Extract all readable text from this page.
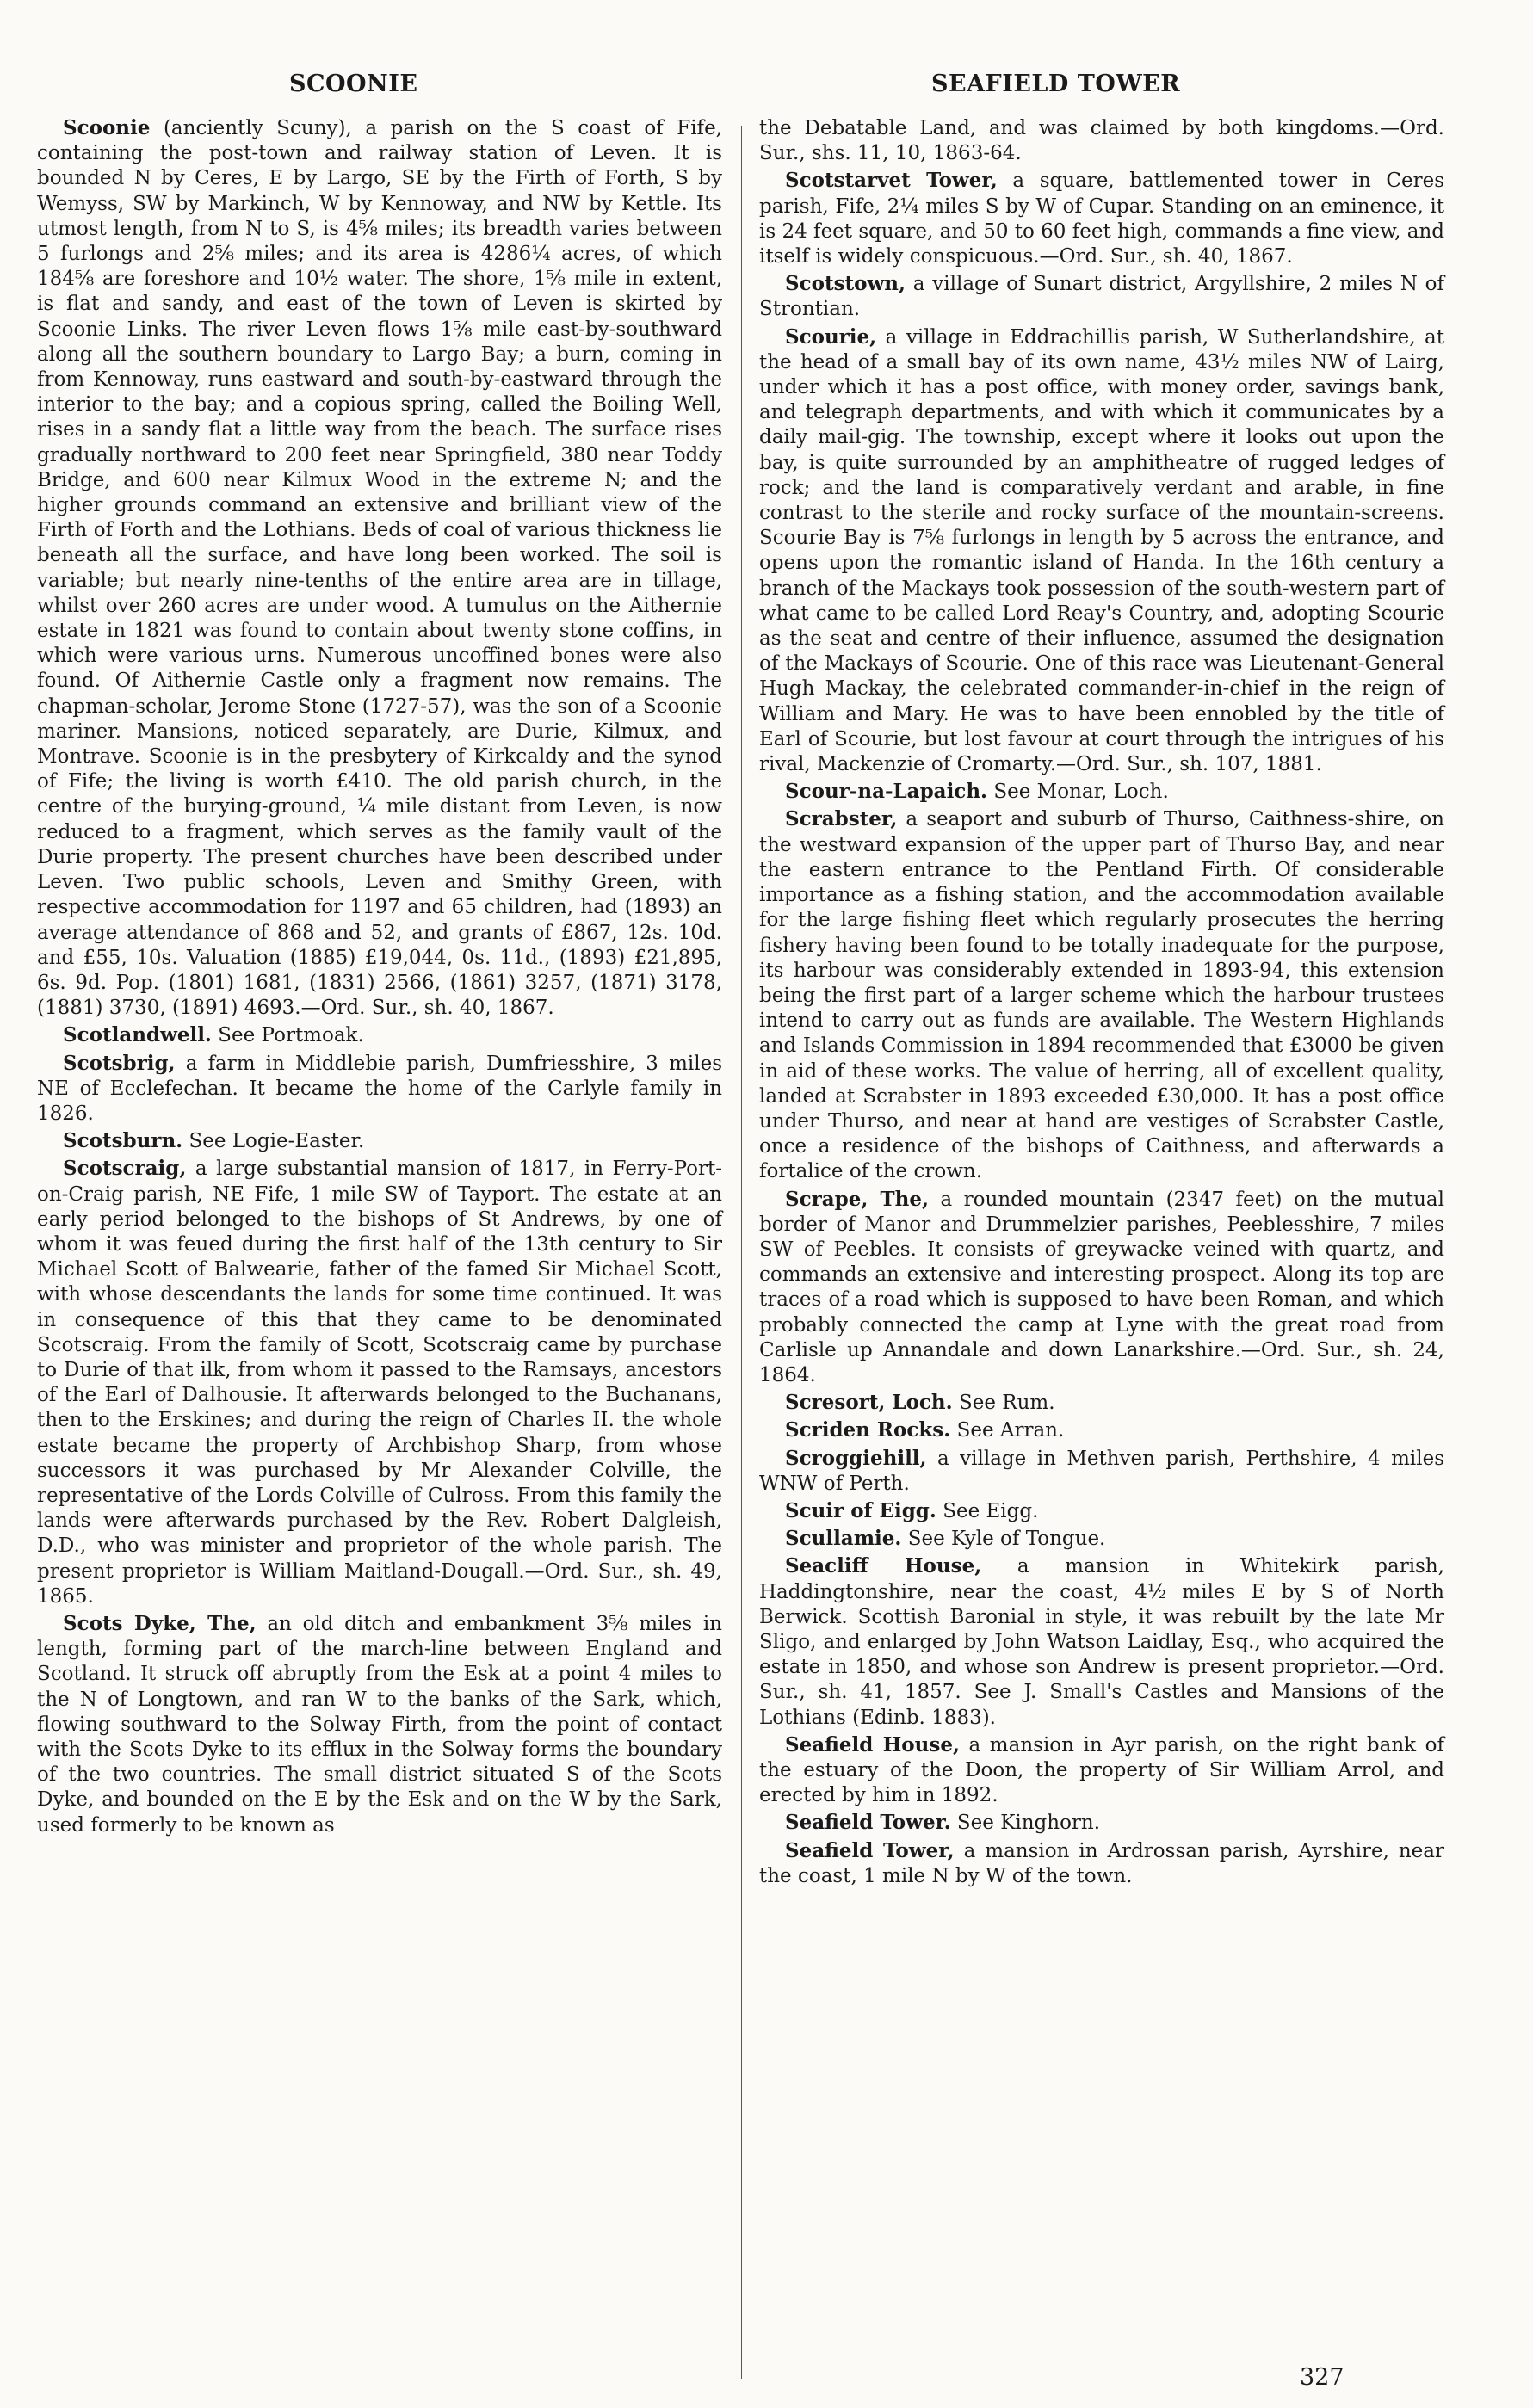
SCOONIE	SEAFIELD TOWER

Scoonie (anciently Scuny), a parish on the S coast of Fife, containing the post-town and railway station of Leven. It is bounded N by Ceres, E by Largo, SE by the Firth of Forth, S by Wemyss, SW by Markinch, W by Kennoway, and NW by Kettle. Its utmost length, from N to S, is 4⅝ miles; its breadth varies between 5 furlongs and 2⅝ miles; and its area is 4286¼ acres, of which 184⅝ are foreshore and 10½ water. The shore, 1⅝ mile in extent, is flat and sandy, and east of the town of Leven is skirted by Scoonie Links. The river Leven flows 1⅝ mile east-by-southward along all the southern boundary to Largo Bay; a burn, coming in from Kennoway, runs eastward and south-by-eastward through the interior to the bay; and a copious spring, called the Boiling Well, rises in a sandy flat a little way from the beach. The surface rises gradually northward to 200 feet near Springfield, 380 near Toddy Bridge, and 600 near Kilmux Wood in the extreme N; and the higher grounds command an extensive and brilliant view of the Firth of Forth and the Lothians. Beds of coal of various thickness lie beneath all the surface, and have long been worked. The soil is variable; but nearly nine-tenths of the entire area are in tillage, whilst over 260 acres are under wood. A tumulus on the Aithernie estate in 1821 was found to contain about twenty stone coffins, in which were various urns. Numerous uncoffined bones were also found. Of Aithernie Castle only a fragment now remains. The chapman-scholar, Jerome Stone (1727-57), was the son of a Scoonie mariner. Mansions, noticed separately, are Durie, Kilmux, and Montrave. Scoonie is in the presbytery of Kirkcaldy and the synod of Fife; the living is worth £410. The old parish church, in the centre of the burying-ground, ¼ mile distant from Leven, is now reduced to a fragment, which serves as the family vault of the Durie property. The present churches have been described under Leven. Two public schools, Leven and Smithy Green, with respective accommodation for 1197 and 65 children, had (1893) an average attendance of 868 and 52, and grants of £867, 12s. 10d. and £55, 10s. Valuation (1885) £19,044, 0s. 11d., (1893) £21,895, 6s. 9d. Pop. (1801) 1681, (1831) 2566, (1861) 3257, (1871) 3178, (1881) 3730, (1891) 4693.—Ord. Sur., sh. 40, 1867.

Scotlandwell. See Portmoak.

Scotsbrig, a farm in Middlebie parish, Dumfriesshire, 3 miles NE of Ecclefechan. It became the home of the Carlyle family in 1826.

Scotsburn. See Logie-Easter.

Scotscraig, a large substantial mansion of 1817, in Ferry-Port-on-Craig parish, NE Fife, 1 mile SW of Tayport. The estate at an early period belonged to the bishops of St Andrews, by one of whom it was feued during the first half of the 13th century to Sir Michael Scott of Balwearie, father of the famed Sir Michael Scott, with whose descendants the lands for some time continued. It was in consequence of this that they came to be denominated Scotscraig. From the family of Scott, Scotscraig came by purchase to Durie of that ilk, from whom it passed to the Ramsays, ancestors of the Earl of Dalhousie. It afterwards belonged to the Buchanans, then to the Erskines; and during the reign of Charles II. the whole estate became the property of Archbishop Sharp, from whose successors it was purchased by Mr Alexander Colville, the representative of the Lords Colville of Culross. From this family the lands were afterwards purchased by the Rev. Robert Dalgleish, D.D., who was minister and proprietor of the whole parish. The present proprietor is William Maitland-Dougall.—Ord. Sur., sh. 49, 1865.

Scots Dyke, The, an old ditch and embankment 3⅝ miles in length, forming part of the march-line between England and Scotland. It struck off abruptly from the Esk at a point 4 miles to the N of Longtown, and ran W to the banks of the Sark, which, flowing southward to the Solway Firth, from the point of contact with the Scots Dyke to its efflux in the Solway forms the boundary of the two countries. The small district situated S of the Scots Dyke, and bounded on the E by the Esk and on the W by the Sark, used formerly to be known as

the Debatable Land, and was claimed by both kingdoms.—Ord. Sur., shs. 11, 10, 1863-64.

Scotstarvet Tower, a square, battlemented tower in Ceres parish, Fife, 2¼ miles S by W of Cupar. Standing on an eminence, it is 24 feet square, and 50 to 60 feet high, commands a fine view, and itself is widely conspicuous.—Ord. Sur., sh. 40, 1867.

Scotstown, a village of Sunart district, Argyllshire, 2 miles N of Strontian.

Scourie, a village in Eddrachillis parish, W Sutherlandshire, at the head of a small bay of its own name, 43½ miles NW of Lairg, under which it has a post office, with money order, savings bank, and telegraph departments, and with which it communicates by a daily mail-gig. The township, except where it looks out upon the bay, is quite surrounded by an amphitheatre of rugged ledges of rock; and the land is comparatively verdant and arable, in fine contrast to the sterile and rocky surface of the mountain-screens. Scourie Bay is 7⅝ furlongs in length by 5 across the entrance, and opens upon the romantic island of Handa. In the 16th century a branch of the Mackays took possession of the south-western part of what came to be called Lord Reay's Country, and, adopting Scourie as the seat and centre of their influence, assumed the designation of the Mackays of Scourie. One of this race was Lieutenant-General Hugh Mackay, the celebrated commander-in-chief in the reign of William and Mary. He was to have been ennobled by the title of Earl of Scourie, but lost favour at court through the intrigues of his rival, Mackenzie of Cromarty.—Ord. Sur., sh. 107, 1881.

Scour-na-Lapaich. See Monar, Loch.

Scrabster, a seaport and suburb of Thurso, Caithness-shire, on the westward expansion of the upper part of Thurso Bay, and near the eastern entrance to the Pentland Firth. Of considerable importance as a fishing station, and the accommodation available for the large fishing fleet which regularly prosecutes the herring fishery having been found to be totally inadequate for the purpose, its harbour was considerably extended in 1893-94, this extension being the first part of a larger scheme which the harbour trustees intend to carry out as funds are available. The Western Highlands and Islands Commission in 1894 recommended that £3000 be given in aid of these works. The value of herring, all of excellent quality, landed at Scrabster in 1893 exceeded £30,000. It has a post office under Thurso, and near at hand are vestiges of Scrabster Castle, once a residence of the bishops of Caithness, and afterwards a fortalice of the crown.

Scrape, The, a rounded mountain (2347 feet) on the mutual border of Manor and Drummelzier parishes, Peeblesshire, 7 miles SW of Peebles. It consists of greywacke veined with quartz, and commands an extensive and interesting prospect. Along its top are traces of a road which is supposed to have been Roman, and which probably connected the camp at Lyne with the great road from Carlisle up Annandale and down Lanarkshire.—Ord. Sur., sh. 24, 1864.

Scresort, Loch. See Rum.

Scriden Rocks. See Arran.

Scroggiehill, a village in Methven parish, Perthshire, 4 miles WNW of Perth.

Scuir of Eigg. See Eigg.

Scullamie. See Kyle of Tongue.

Seacliff House, a mansion in Whitekirk parish, Haddingtonshire, near the coast, 4½ miles E by S of North Berwick. Scottish Baronial in style, it was rebuilt by the late Mr Sligo, and enlarged by John Watson Laidlay, Esq., who acquired the estate in 1850, and whose son Andrew is present proprietor.—Ord. Sur., sh. 41, 1857. See J. Small's Castles and Mansions of the Lothians (Edinb. 1883).

Seafield House, a mansion in Ayr parish, on the right bank of the estuary of the Doon, the property of Sir William Arrol, and erected by him in 1892.

Seafield Tower. See Kinghorn.

Seafield Tower, a mansion in Ardrossan parish, Ayrshire, near the coast, 1 mile N by W of the town.

327
